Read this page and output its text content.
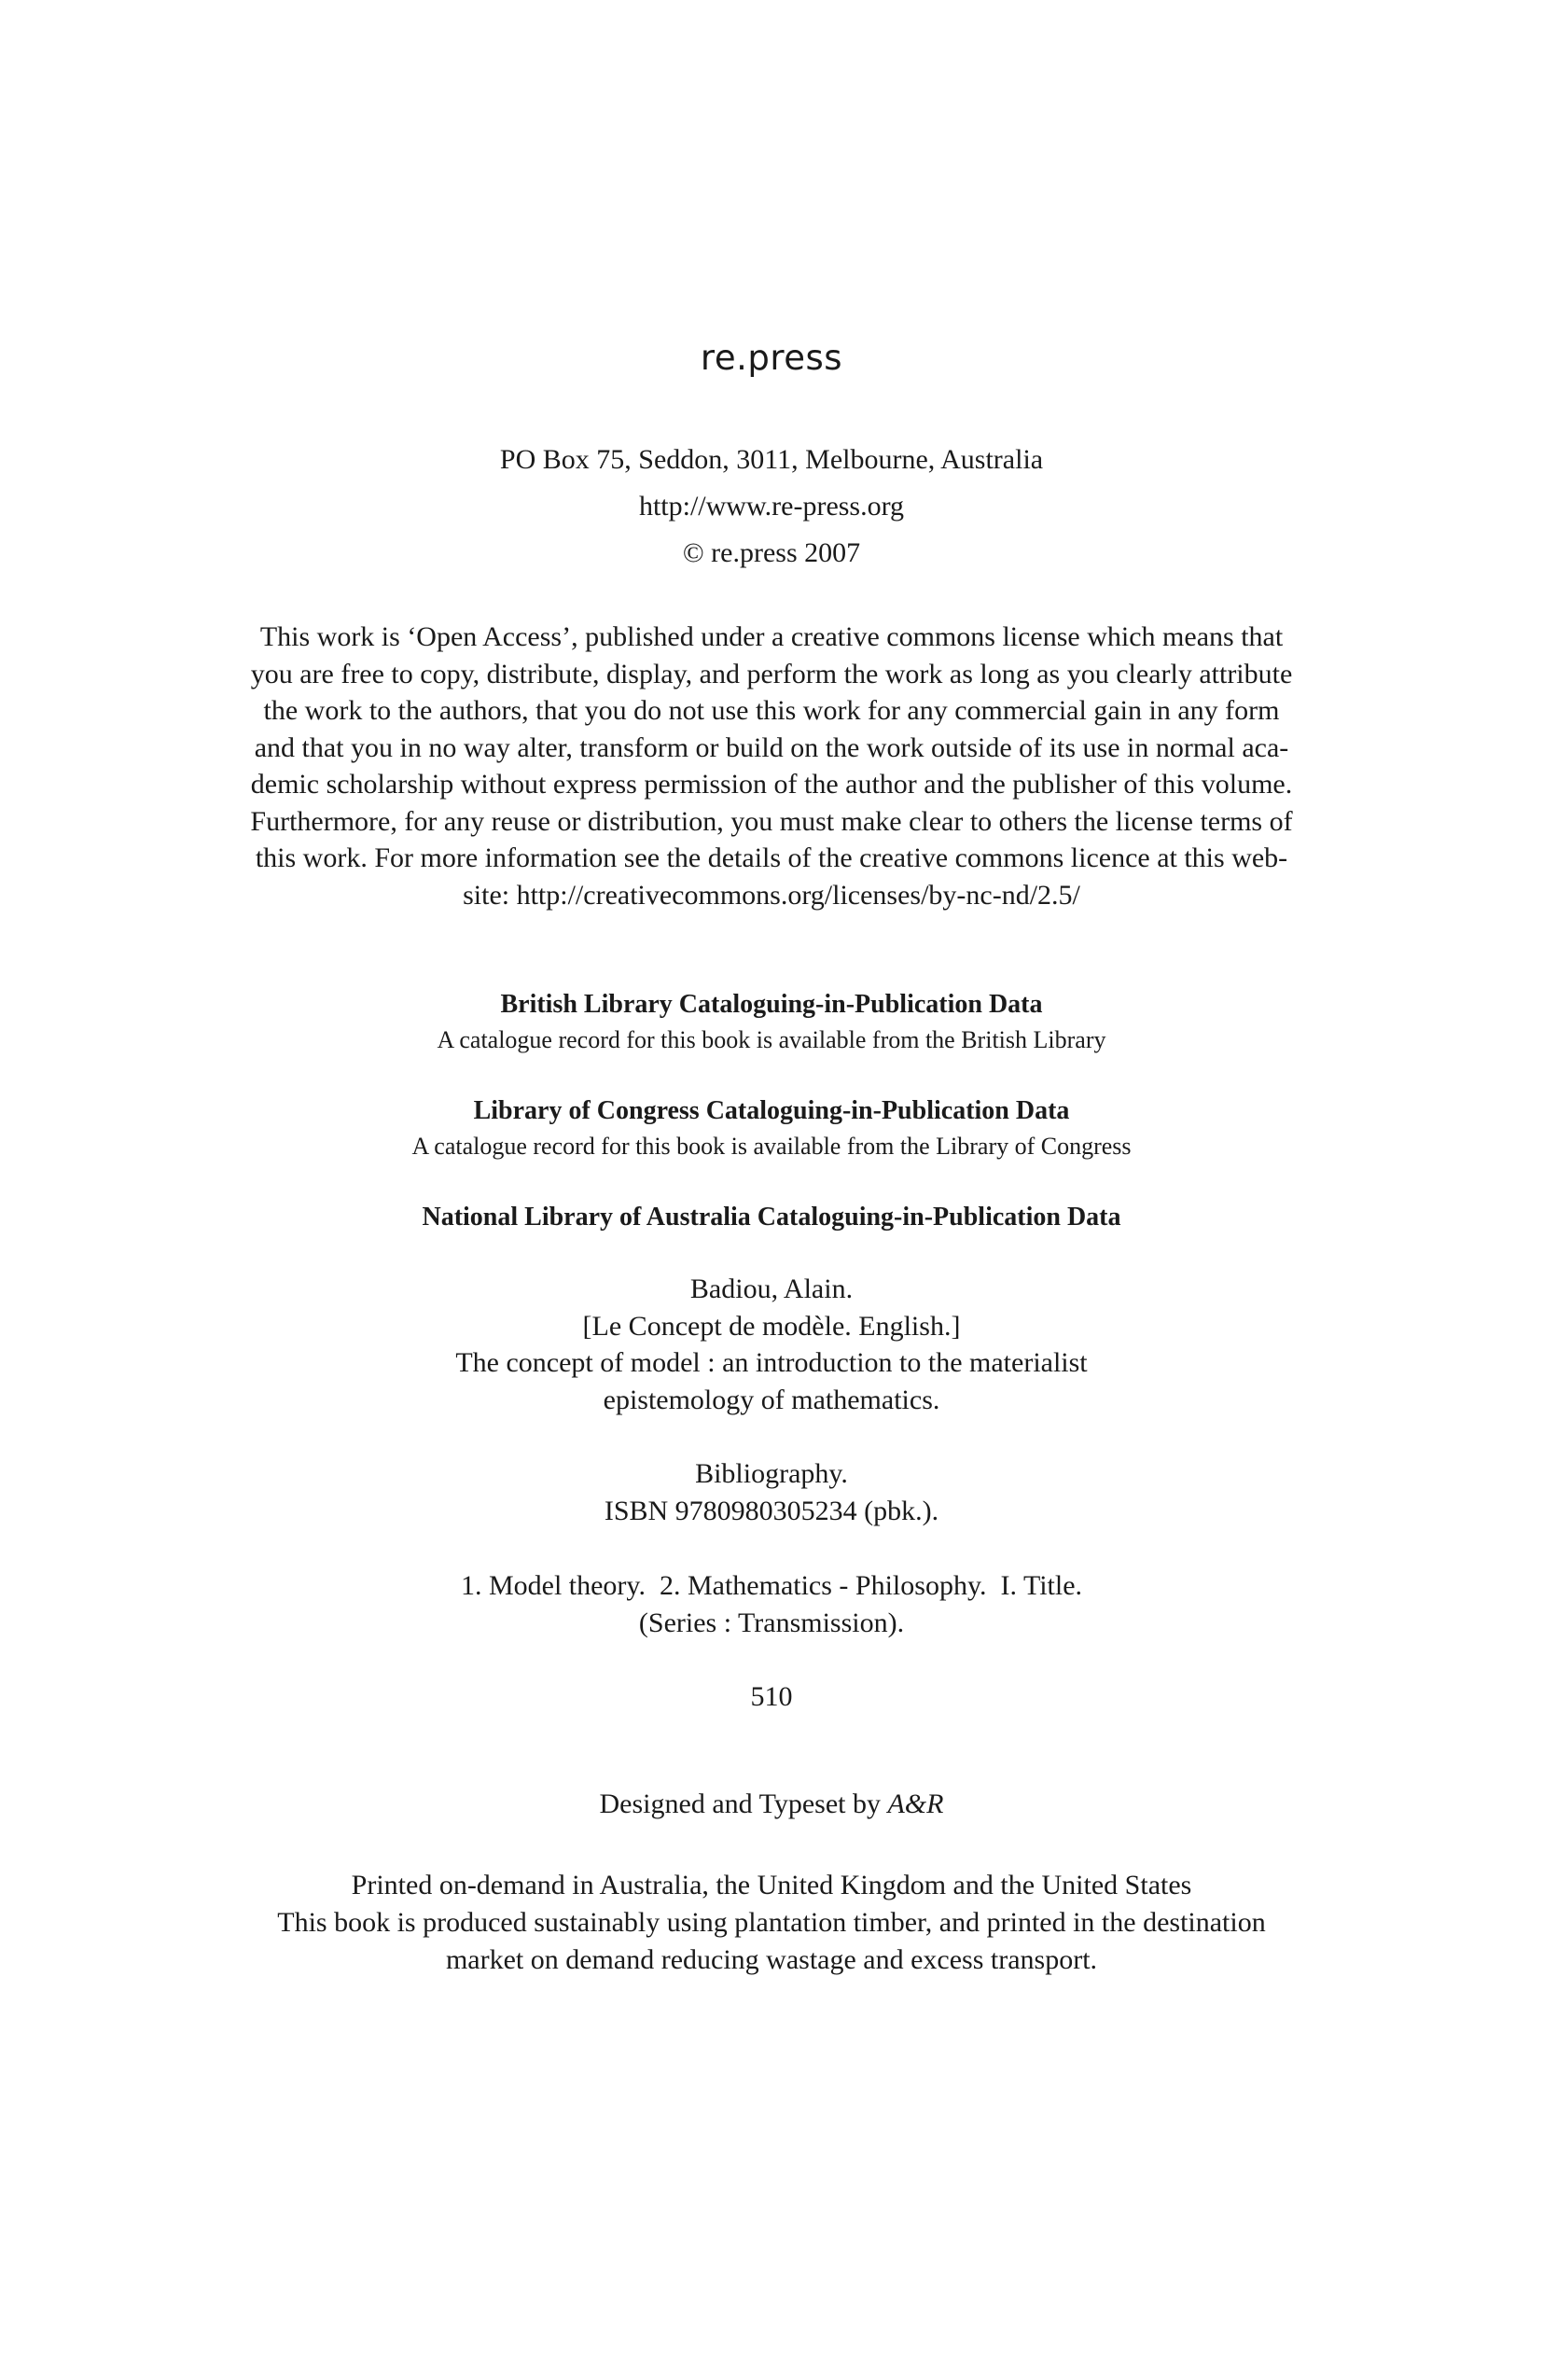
re.press
PO Box 75, Seddon, 3011, Melbourne, Australia
http://www.re-press.org
© re.press 2007
This work is ‘Open Access’, published under a creative commons license which means that
you are free to copy, distribute, display, and perform the work as long as you clearly attribute
the work to the authors, that you do not use this work for any commercial gain in any form
and that you in no way alter, transform or build on the work outside of its use in normal aca-
demic scholarship without express permission of the author and the publisher of this volume.
Furthermore, for any reuse or distribution, you must make clear to others the license terms of
this work. For more information see the details of the creative commons licence at this web-
site: http://creativecommons.org/licenses/by-nc-nd/2.5/
British Library Cataloguing-in-Publication Data
A catalogue record for this book is available from the British Library
Library of Congress Cataloguing-in-Publication Data
A catalogue record for this book is available from the Library of Congress
National Library of Australia Cataloguing-in-Publication Data
Badiou, Alain.
[Le Concept de modèle. English.]
The concept of model : an introduction to the materialist
epistemology of mathematics.
Bibliography.
ISBN 9780980305234 (pbk.).
1. Model theory.  2. Mathematics - Philosophy.  I. Title.
(Series : Transmission).
510
Designed and Typeset by A&R
Printed on-demand in Australia, the United Kingdom and the United States
This book is produced sustainably using plantation timber, and printed in the destination
market on demand reducing wastage and excess transport.
